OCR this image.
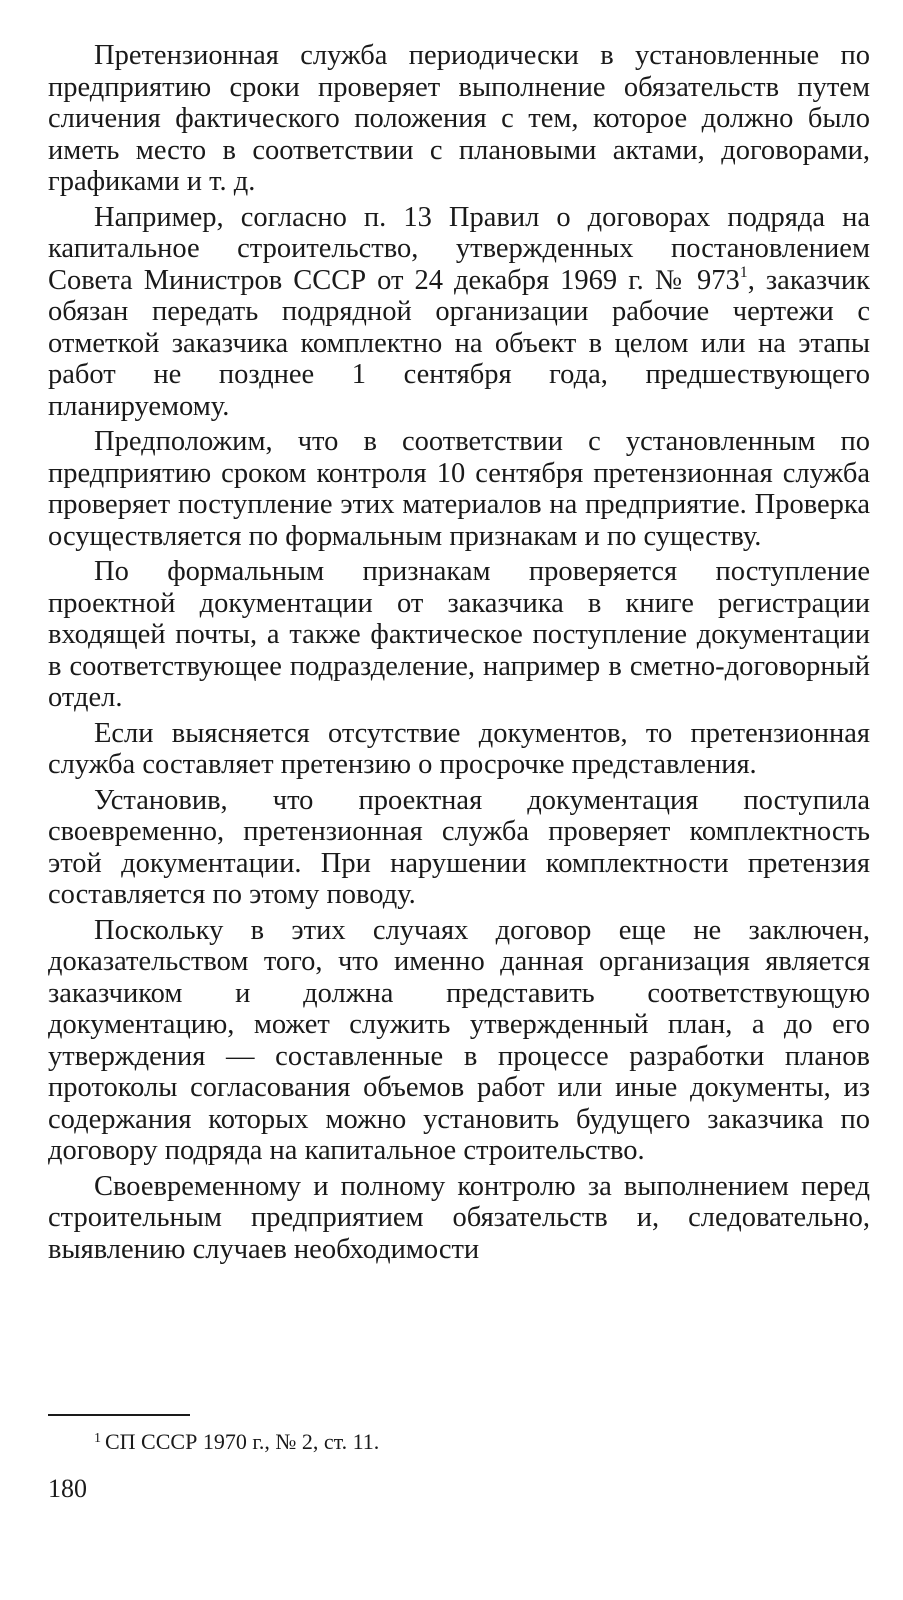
Претензионная служба периодически в установленные по предприятию сроки проверяет выполнение обязательств путем сличения фактического положения с тем, которое должно было иметь место в соответствии с плановыми актами, договорами, графиками и т. д.

Например, согласно п. 13 Правил о договорах подряда на капитальное строительство, утвержденных постановлением Совета Министров СССР от 24 декабря 1969 г. № 973$^1$, заказчик обязан передать подрядной организации рабочие чертежи с отметкой заказчика комплектно на объект в целом или на этапы работ не позднее 1 сентября года, предшествующего планируемому.

Предположим, что в соответствии с установленным по предприятию сроком контроля 10 сентября претензионная служба проверяет поступление этих материалов на предприятие. Проверка осуществляется по формальным признакам и по существу.

По формальным признакам проверяется поступление проектной документации от заказчика в книге регистрации входящей почты, а также фактическое поступление документации в соответствующее подразделение, например в сметно-договорный отдел.

Если выясняется отсутствие документов, то претензионная служба составляет претензию о просрочке представления.

Установив, что проектная документация поступила своевременно, претензионная служба проверяет комплектность этой документации. При нарушении комплектности претензия составляется по этому поводу.

Поскольку в этих случаях договор еще не заключен, доказательством того, что именно данная организация является заказчиком и должна представить соответствующую документацию, может служить утвержденный план, а до его утверждения — составленные в процессе разработки планов протоколы согласования объемов работ или иные документы, из содержания которых можно установить будущего заказчика по договору подряда на капитальное строительство.

Своевременному и полному контролю за выполнением перед строительным предприятием обязательств и, следовательно, выявлению случаев необходимости

$^1$ СП СССР 1970 г., № 2, ст. 11.
180
